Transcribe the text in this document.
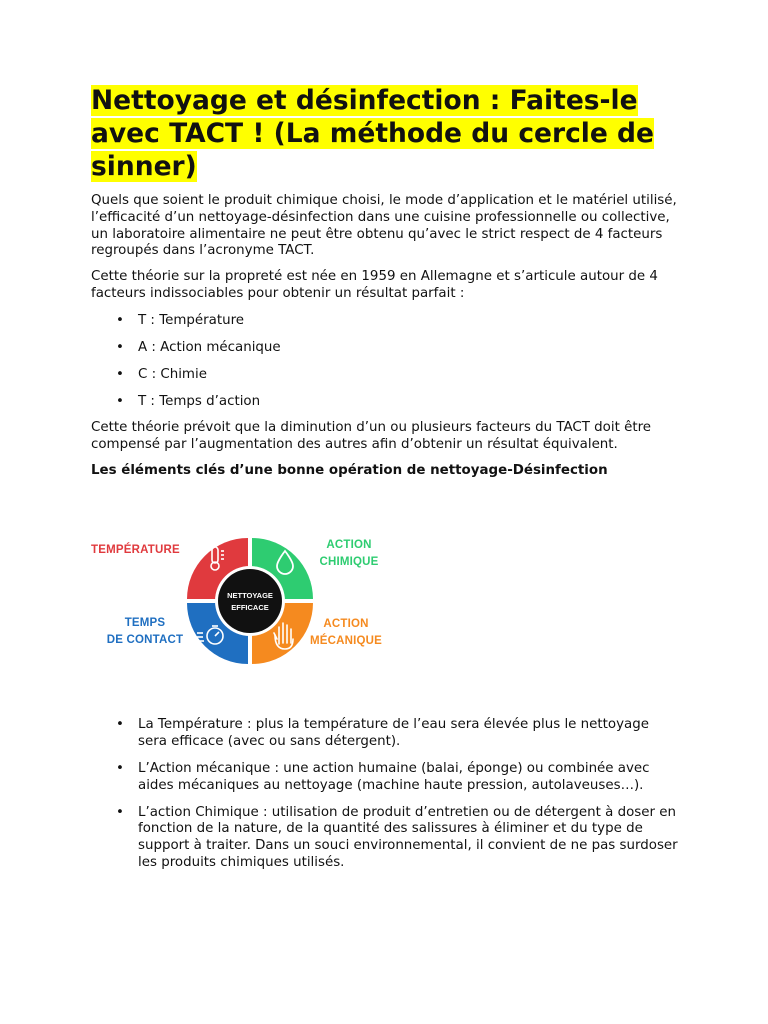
Nettoyage et désinfection : Faites-le avec TACT ! (La méthode du cercle de sinner)

Quels que soient le produit chimique choisi, le mode d’application et le matériel utilisé, l’efficacité d’un nettoyage-désinfection dans une cuisine professionnelle ou collective, un laboratoire alimentaire ne peut être obtenu qu’avec le strict respect de 4 facteurs regroupés dans l’acronyme TACT.

Cette théorie sur la propreté est née en 1959 en Allemagne et s’articule autour de 4 facteurs indissociables pour obtenir un résultat parfait :

• T : Température
• A : Action mécanique
• C : Chimie
• T : Temps d’action

Cette théorie prévoit que la diminution d’un ou plusieurs facteurs du TACT doit être compensé par l’augmentation des autres afin d’obtenir un résultat équivalent.

Les éléments clés d’une bonne opération de nettoyage-Désinfection

NETTOYAGE
EFFICACE
TEMPÉRATURE	ACTION
CHIMIQUE
TEMPS
DE CONTACT
ACTION
MÉCANIQUE
• La Température : plus la température de l’eau sera élevée plus le nettoyage sera efficace (avec ou sans détergent).
• L’Action mécanique : une action humaine (balai, éponge) ou combinée avec aides mécaniques au nettoyage (machine haute pression, autolaveuses…).
• L’action Chimique : utilisation de produit d’entretien ou de détergent à doser en fonction de la nature, de la quantité des salissures à éliminer et du type de support à traiter. Dans un souci environnemental, il convient de ne pas surdoser les produits chimiques utilisés.
